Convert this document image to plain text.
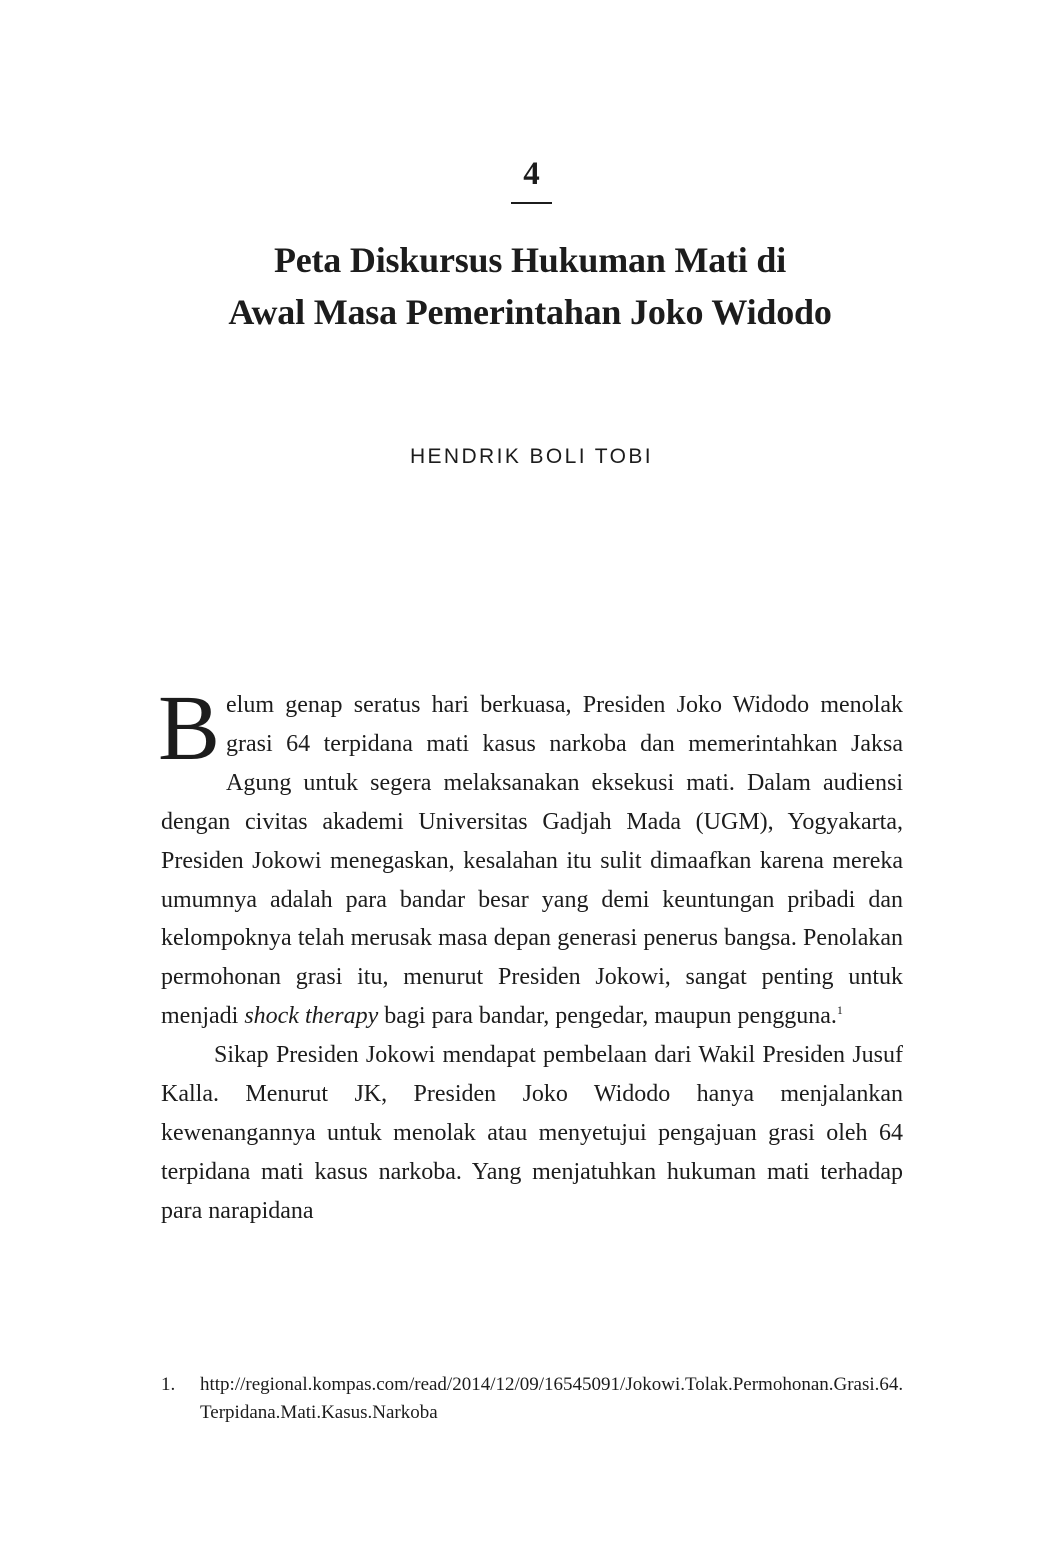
4
Peta Diskursus Hukuman Mati di
Awal Masa Pemerintahan Joko Widodo
HENDRIK BOLI TOBI

Belum genap seratus hari berkuasa, Presiden Joko Widodo menolak grasi 64 terpidana mati kasus narkoba dan memerintahkan Jaksa Agung untuk segera melaksanakan eksekusi mati. Dalam audiensi dengan civitas akademi Universitas Gadjah Mada (UGM), Yogyakarta, Presiden Jokowi menegaskan, kesalahan itu sulit dimaafkan karena mereka umumnya adalah para bandar besar yang demi keuntungan pribadi dan kelompoknya telah merusak masa depan generasi penerus bangsa. Penolakan permohonan grasi itu, menurut Presiden Jokowi, sangat penting untuk menjadi shock therapy bagi para bandar, pengedar, maupun pengguna.$^1$

Sikap Presiden Jokowi mendapat pembelaan dari Wakil Presiden Jusuf Kalla. Menurut JK, Presiden Joko Widodo hanya menjalankan kewenangannya untuk menolak atau menyetujui pengajuan grasi oleh 64 terpidana mati kasus narkoba. Yang menjatuhkan hukuman mati terhadap para narapidana

1. http://regional.kompas.com/read/2014/12/09/16545091/Jokowi.Tolak.​Permohonan.Grasi.64.Terpidana.Mati.Kasus.Narkoba
